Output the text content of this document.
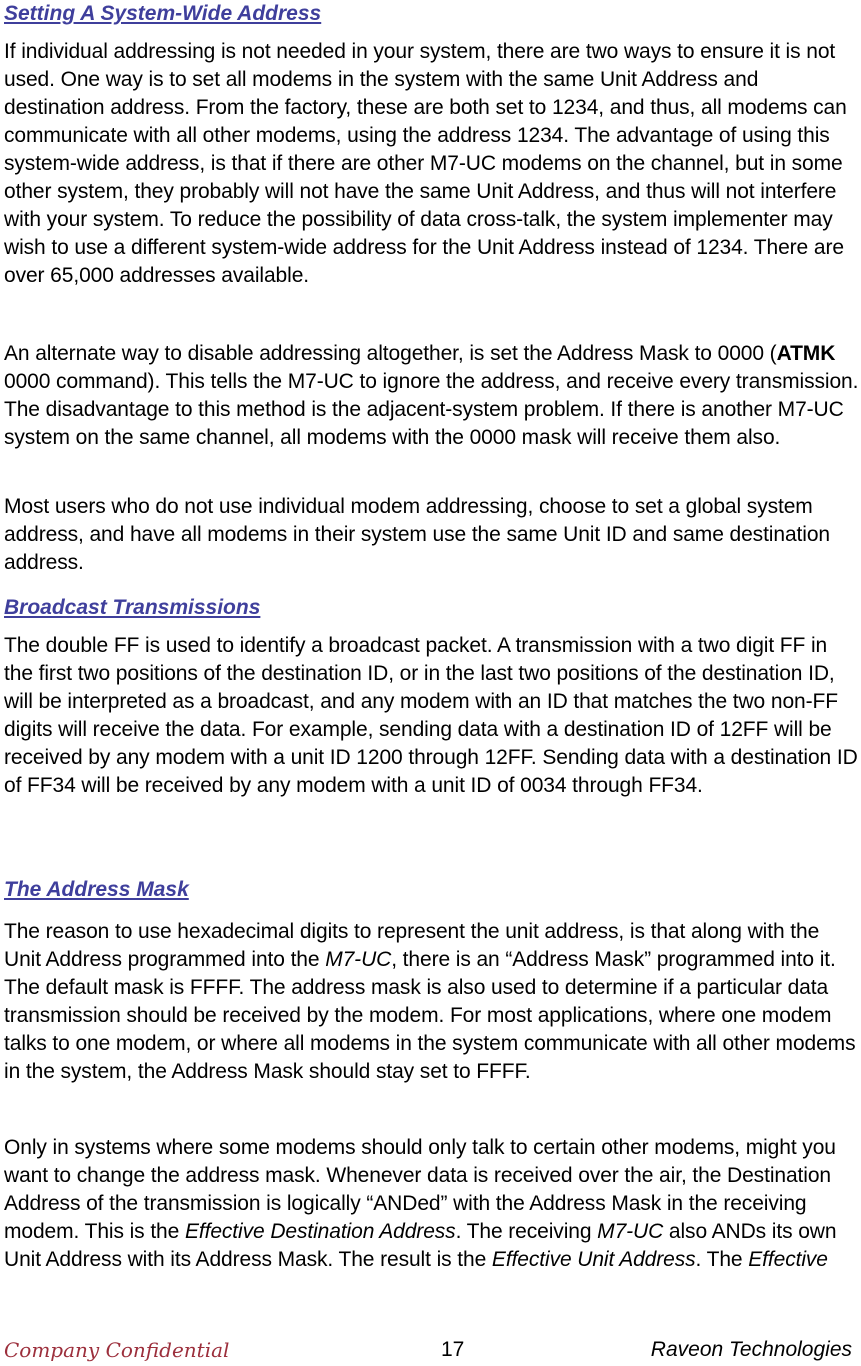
Setting A System-Wide Address

If individual addressing is not needed in your system, there are two ways to ensure it is not used. One way is to set all modems in the system with the same Unit Address and destination address. From the factory, these are both set to 1234, and thus, all modems can communicate with all other modems, using the address 1234. The advantage of using this system-wide address, is that if there are other M7-UC modems on the channel, but in some other system, they probably will not have the same Unit Address, and thus will not interfere with your system. To reduce the possibility of data cross-talk, the system implementer may wish to use a different system-wide address for the Unit Address instead of 1234. There are over 65,000 addresses available.

An alternate way to disable addressing altogether, is set the Address Mask to 0000 (ATMK 0000 command). This tells the M7-UC to ignore the address, and receive every transmission. The disadvantage to this method is the adjacent-system problem. If there is another M7-UC system on the same channel, all modems with the 0000 mask will receive them also.

Most users who do not use individual modem addressing, choose to set a global system address, and have all modems in their system use the same Unit ID and same destination address.

Broadcast Transmissions

The double FF is used to identify a broadcast packet. A transmission with a two digit FF in the first two positions of the destination ID, or in the last two positions of the destination ID, will be interpreted as a broadcast, and any modem with an ID that matches the two non-FF digits will receive the data. For example, sending data with a destination ID of 12FF will be received by any modem with a unit ID 1200 through 12FF. Sending data with a destination ID of FF34 will be received by any modem with a unit ID of 0034 through FF34.

The Address Mask

The reason to use hexadecimal digits to represent the unit address, is that along with the Unit Address programmed into the M7-UC, there is an “Address Mask” programmed into it. The default mask is FFFF. The address mask is also used to determine if a particular data transmission should be received by the modem. For most applications, where one modem talks to one modem, or where all modems in the system communicate with all other modems in the system, the Address Mask should stay set to FFFF.

Only in systems where some modems should only talk to certain other modems, might you want to change the address mask. Whenever data is received over the air, the Destination Address of the transmission is logically “ANDed” with the Address Mask in the receiving modem. This is the Effective Destination Address. The receiving M7-UC also ANDs its own Unit Address with its Address Mask. The result is the Effective Unit Address. The Effective

Company Confidential	17	Raveon Technologies
